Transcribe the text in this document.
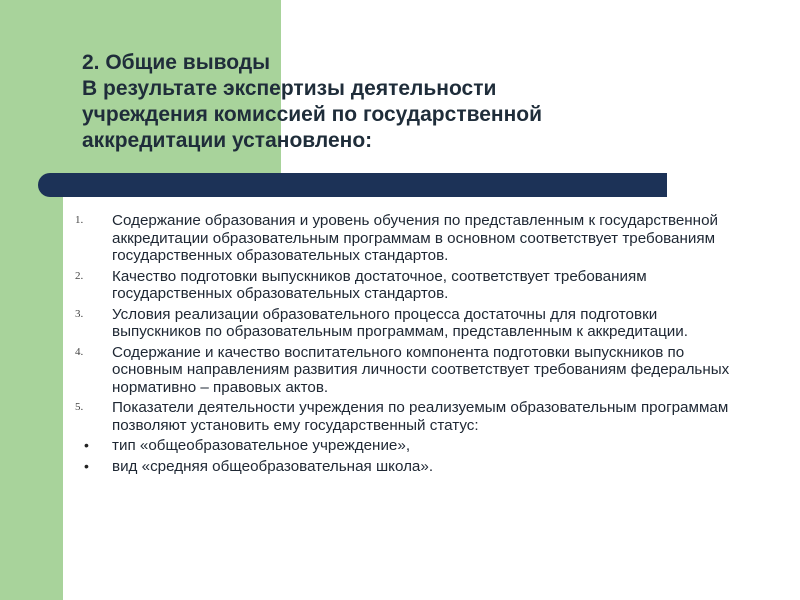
2. Общие выводы
В результате экспертизы деятельности
учреждения комиссией по государственной
аккредитации установлено:
1.	Содержание образования и уровень обучения по представленным к государственной аккредитации образовательным программам в основном соответствует требованиям государственных образовательных стандартов.
2.	Качество подготовки выпускников достаточное, соответствует требованиям государственных образовательных стандартов.
3.	Условия реализации образовательного процесса достаточны для подготовки выпускников по образовательным программам, представленным к аккредитации.
4.	Содержание и качество воспитательного компонента подготовки выпускников по основным направлениям развития личности соответствует требованиям федеральных нормативно – правовых актов.
5.	Показатели деятельности учреждения по реализуемым образовательным программам позволяют установить ему государственный статус:
• тип «общеобразовательное учреждение»,
• вид «средняя общеобразовательная школа».
